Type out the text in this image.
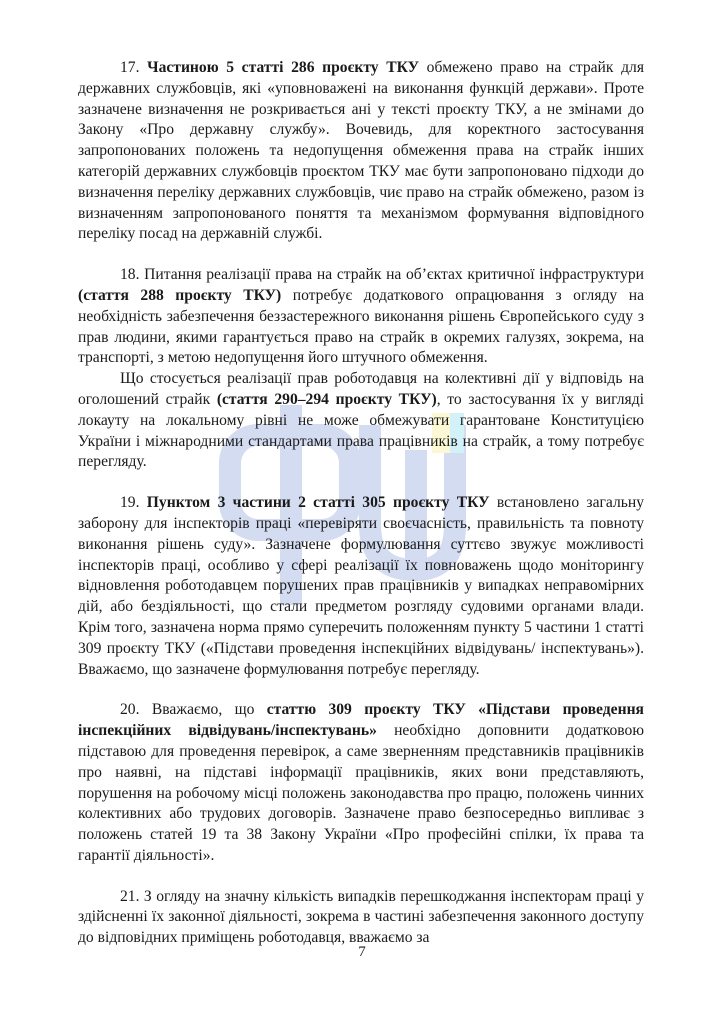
17. Частиною 5 статті 286 проєкту ТКУ обмежено право на страйк для державних службовців, які «уповноважені на виконання функцій держави». Проте зазначене визначення не розкривається ані у тексті проєкту ТКУ, а не змінами до Закону «Про державну службу». Вочевидь, для коректного застосування запропонованих положень та недопущення обмеження права на страйк інших категорій державних службовців проєктом ТКУ має бути запропоновано підходи до визначення переліку державних службовців, чиє право на страйк обмежено, разом із визначенням запропонованого поняття та механізмом формування відповідного переліку посад на державній службі.

18. Питання реалізації права на страйк на об’єктах критичної інфраструктури (стаття 288 проєкту ТКУ) потребує додаткового опрацювання з огляду на необхідність забезпечення беззастережного виконання рішень Європейського суду з прав людини, якими гарантується право на страйк в окремих галузях, зокрема, на транспорті, з метою недопущення його штучного обмеження.

Що стосується реалізації прав роботодавця на колективні дії у відповідь на оголошений страйк (стаття 290–294 проєкту ТКУ), то застосування їх у вигляді локауту на локальному рівні не може обмежувати гарантоване Конституцією України і міжнародними стандартами права працівників на страйк, а тому потребує перегляду.

19. Пунктом 3 частини 2 статті 305 проєкту ТКУ встановлено загальну заборону для інспекторів праці «перевіряти своєчасність, правильність та повноту виконання рішень суду». Зазначене формулювання суттєво звужує можливості інспекторів праці, особливо у сфері реалізації їх повноважень щодо моніторингу відновлення роботодавцем порушених прав працівників у випадках неправомірних дій, або бездіяльності, що стали предметом розгляду судовими органами влади. Крім того, зазначена норма прямо суперечить положенням пункту 5 частини 1 статті 309 проєкту ТКУ («Підстави проведення інспекційних відвідувань/ інспектувань»). Вважаємо, що зазначене формулювання потребує перегляду.

20. Вважаємо, що статтю 309 проєкту ТКУ «Підстави проведення інспекційних відвідувань/інспектувань» необхідно доповнити додатковою підставою для проведення перевірок, а саме зверненням представників працівників про наявні, на підставі інформації працівників, яких вони представляють, порушення на робочому місці положень законодавства про працю, положень чинних колективних або трудових договорів. Зазначене право безпосередньо випливає з положень статей 19 та 38 Закону України «Про професійні спілки, їх права та гарантії діяльності».

21. З огляду на значну кількість випадків перешкоджання інспекторам праці у здійсненні їх законної діяльності, зокрема в частині забезпечення законного доступу до відповідних приміщень роботодавця, вважаємо за

7
